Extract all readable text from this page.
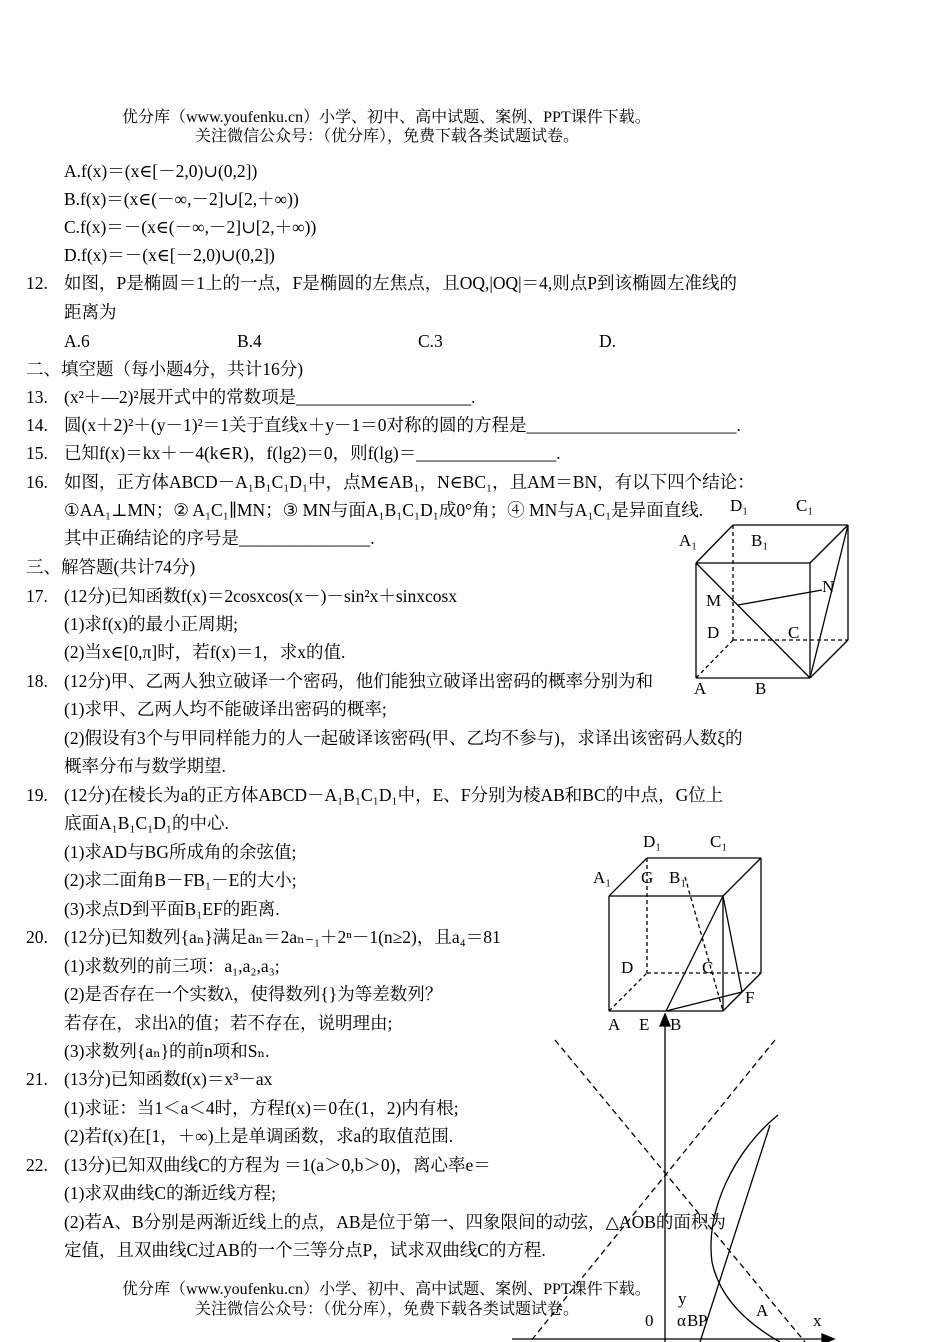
优分库（www.youfenku.cn）小学、初中、高中试题、案例、PPT课件下载。
关注微信公众号：（优分库），免费下载各类试题试卷。
A.f(x)＝(x∈[－2,0)∪(0,2])
B.f(x)＝(x∈(－∞,－2]∪[2,＋∞))
C.f(x)＝－(x∈(－∞,－2]∪[2,＋∞))
D.f(x)＝－(x∈[－2,0)∪(0,2])
12. 如图，P是椭圆＝1上的一点，F是椭圆的左焦点，且OQ,|OQ|＝4,则点P到该椭圆左准线的
距离为
A.6	B.4	C.3	D.
二、填空题（每小题4分，共计16分)
13. (x²＋—2)²展开式中的常数项是____________________.
14. 圆(x＋2)²＋(y－1)²＝1关于直线x＋y－1＝0对称的圆的方程是________________________.
15. 已知f(x)＝kx＋－4(k∈R)，f(lg2)＝0，则f(lg)＝________________.
16. 如图，正方体ABCD－A₁B₁C₁D₁中，点M∈AB₁，N∈BC₁，且AM＝BN，有以下四个结论：
①AA₁⊥MN；② A₁C₁∥MN；③ MN与面A₁B₁C₁D₁成0°角；④ MN与A₁C₁是异面直线.
其中正确结论的序号是_______________.
三、解答题(共计74分)
17. (12分)已知函数f(x)＝2cosxcos(x－)－sin²x＋sinxcosx
(1)求f(x)的最小正周期;
(2)当x∈[0,π]时，若f(x)＝1，求x的值.
18. (12分)甲、乙两人独立破译一个密码，他们能独立破译出密码的概率分别为和
(1)求甲、乙两人均不能破译出密码的概率;
(2)假设有3个与甲同样能力的人一起破译该密码(甲、乙均不参与)，求译出该密码人数ξ的
概率分布与数学期望.
19. (12分)在棱长为a的正方体ABCD－A₁B₁C₁D₁中，E、F分别为棱AB和BC的中点，G位上
底面A₁B₁C₁D₁的中心.
(1)求AD与BG所成角的余弦值;
(2)求二面角B－FB₁－E的大小;
(3)求点D到平面B₁EF的距离.
20. (12分)已知数列{aₙ}满足aₙ＝2aₙ₋₁＋2ⁿ－1(n≥2)，且a₄＝81
(1)求数列的前三项：a₁,a₂,a₃;
(2)是否存在一个实数λ，使得数列{}为等差数列？
若存在，求出λ的值；若不存在，说明理由;
(3)求数列{aₙ}的前n项和Sₙ.
21. (13分)已知函数f(x)＝x³－ax
(1)求证：当1＜a＜4时，方程f(x)＝0在(1，2)内有根;
(2)若f(x)在[1，＋∞)上是单调函数，求a的取值范围.
22. (13分)已知双曲线C的方程为 ＝1(a＞0,b＞0)，离心率e＝
(1)求双曲线C的渐近线方程;
(2)若A、B分别是两渐近线上的点，AB是位于第一、四象限间的动弦，△AOB的面积为
定值，且双曲线C过AB的一个三等分点P，试求双曲线C的方程.
优分库（www.youfenku.cn）小学、初中、高中试题、案例、PPT课件下载。
关注微信公众号：（优分库），免费下载各类试题试卷。
D₁	C₁
A₁	B₁
N
M
D	C
A	B
D₁	C₁
A₁ G B₁
D	C
F
A E B
y
0 α B P
A
x
